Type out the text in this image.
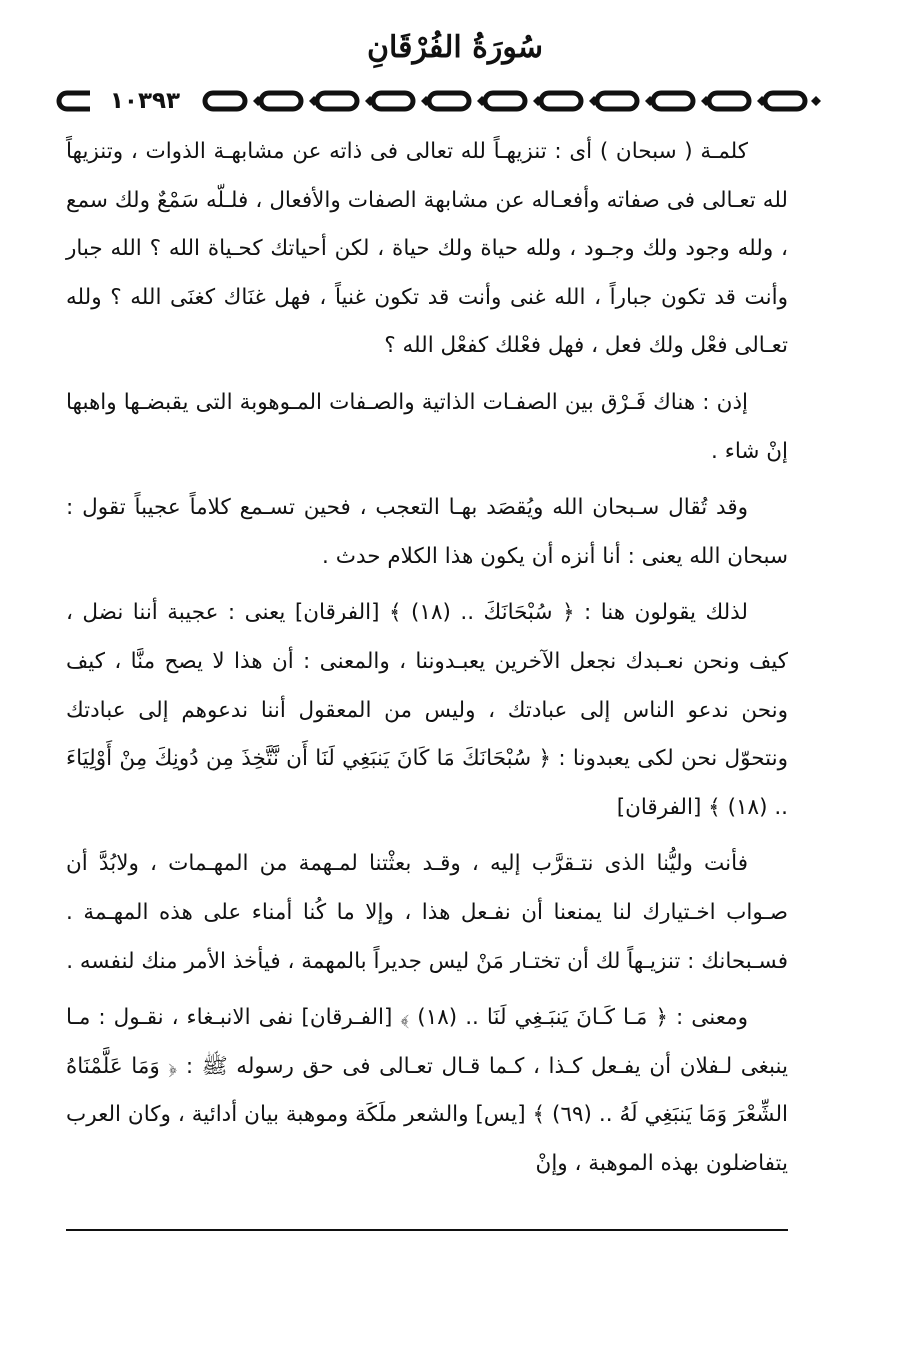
سُورَةُ الفُرْقَانِ
١٠٣٩٣

كلمـة ( سبحان ) أى : تنزيهـاً لله تعالى فى ذاته عن مشابهـة الذوات ، وتنزيهاً لله تعـالى فى صفاته وأفعـاله عن مشابهة الصفات والأفعال ، فلـلّه سَمْعٌ ولك سمع ، ولله وجود ولك وجـود ، ولله حياة ولك حياة ، لكن أحياتك كحـياة الله ؟ الله جبار وأنت قد تكون جباراً ، الله غنى وأنت قد تكون غنياً ، فهل غنَاك كغنَى الله ؟ ولله تعـالى فعْل ولك فعل ، فهل فعْلك كفعْل الله ؟

إذن : هناك فَـرْق بين الصفـات الذاتية والصـفات المـوهوبة التى يقبضـها واهبها إنْ شاء .

وقد تُقال سـبحان الله ويُقصَد بهـا التعجب ، فحين تسـمع كلاماً عجيباً تقول : سبحان الله يعنى : أنا أنزه أن يكون هذا الكلام حدث .

لذلك يقولون هنا : ﴿ سُبْحَانَكَ .. (١٨) ﴾ [الفرقان] يعنى : عجيبة أننا نضل ، كيف ونحن نعـبدك نجعل الآخرين يعبـدوننا ، والمعنى : أن هذا لا يصح منَّا ، كيف ونحن ندعو الناس إلى عبادتك ، وليس من المعقول أننا ندعوهم إلى عبادتك ونتحوّل نحن لكى يعبدونا : ﴿ سُبْحَانَكَ مَا كَانَ يَنبَغِي لَنَا أَن نَّتَّخِذَ مِن دُونِكَ مِنْ أَوْلِيَاءَ .. (١٨) ﴾ [الفرقان]

فأنت وليُّنا الذى نتـقرَّب إليه ، وقـد بعثْتنا لمـهمة من المهـمات ، ولابُدَّ أن صـواب اخـتيارك لنا يمنعنا أن نفـعل هذا ، وإلا ما كُنا أمناء على هذه المهـمة . فسـبحانك : تنزيـهاً لك أن تختـار مَنْ ليس جديراً بالمهمة ، فيأخذ الأمر منك لنفسه .

ومعنى : ﴿ مَـا كَـانَ يَنبَـغِي لَنَا .. (١٨) ﴾ [الفـرقان] نفى الانبـغاء ، نقـول : مـا ينبغى لـفلان أن يفـعل كـذا ، كـما قـال تعـالى فى حق رسوله ﷺ : ﴿ وَمَا عَلَّمْنَاهُ الشِّعْرَ وَمَا يَنبَغِي لَهُ .. (٦٩) ﴾ [يس] والشعر ملَكَة وموهبة بيان أدائية ، وكان العرب يتفاضلون بهذه الموهبة ، وإنْ
